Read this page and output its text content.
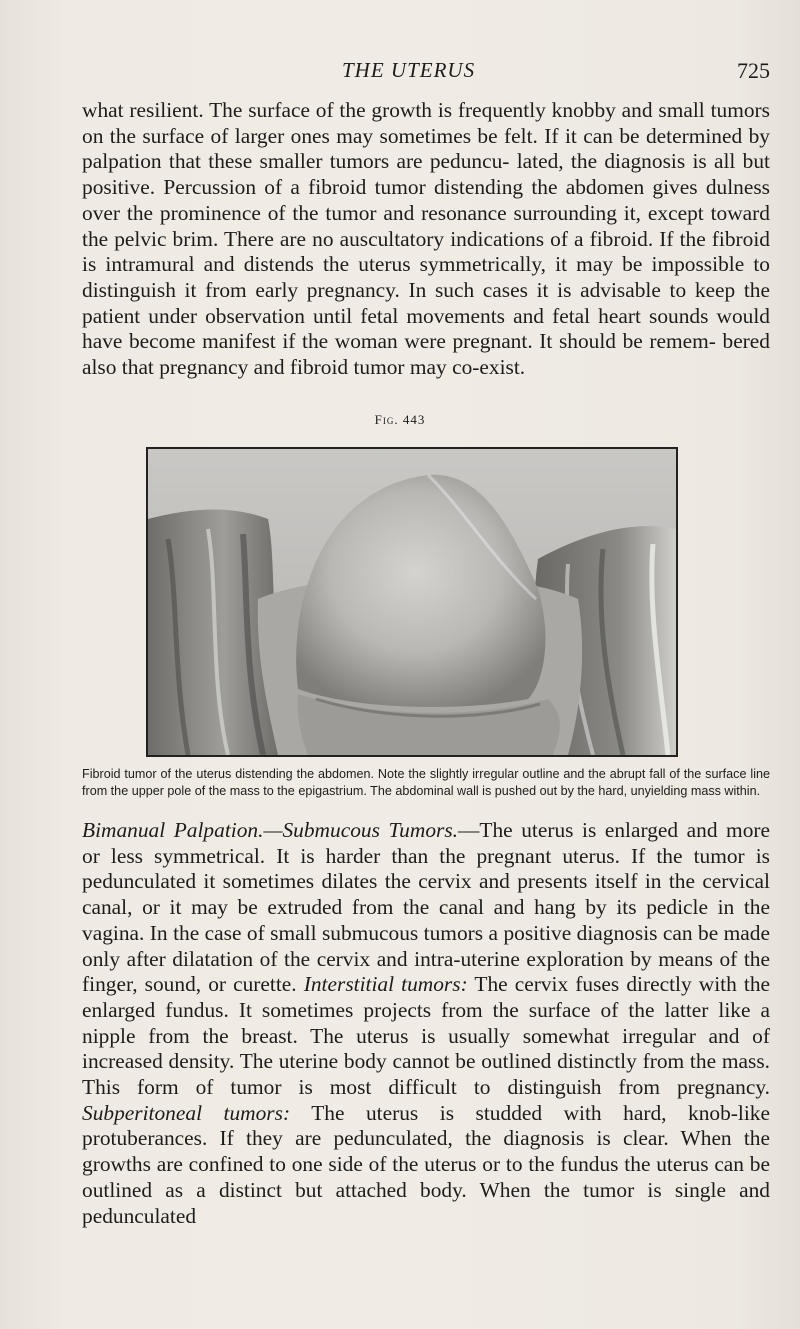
THE UTERUS	725

what resilient. The surface of the growth is frequently knobby and small tumors on the surface of larger ones may sometimes be felt. If it can be determined by palpation that these smaller tumors are peduncu- lated, the diagnosis is all but positive. Percussion of a fibroid tumor distending the abdomen gives dulness over the prominence of the tumor and resonance surrounding it, except toward the pelvic brim. There are no auscultatory indications of a fibroid. If the fibroid is intramural and distends the uterus symmetrically, it may be impossible to distinguish it from early pregnancy. In such cases it is advisable to keep the patient under observation until fetal movements and fetal heart sounds would have become manifest if the woman were pregnant. It should be remem- bered also that pregnancy and fibroid tumor may co-exist.

Fig. 443

Fibroid tumor of the uterus distending the abdomen. Note the slightly irregular outline and the abrupt fall of the surface line from the upper pole of the mass to the epigastrium. The abdominal wall is pushed out by the hard, unyielding mass within.

Bimanual Palpation.—Submucous Tumors.—The uterus is enlarged and more or less symmetrical. It is harder than the pregnant uterus. If the tumor is pedunculated it sometimes dilates the cervix and presents itself in the cervical canal, or it may be extruded from the canal and hang by its pedicle in the vagina. In the case of small submucous tumors a positive diagnosis can be made only after dilatation of the cervix and intra-uterine exploration by means of the finger, sound, or curette. Interstitial tumors: The cervix fuses directly with the enlarged fundus. It sometimes projects from the surface of the latter like a nipple from the breast. The uterus is usually somewhat irregular and of increased density. The uterine body cannot be outlined distinctly from the mass. This form of tumor is most difficult to distinguish from pregnancy. Subperitoneal tumors: The uterus is studded with hard, knob-like protuberances. If they are pedunculated, the diagnosis is clear. When the growths are confined to one side of the uterus or to the fundus the uterus can be outlined as a distinct but attached body. When the tumor is single and pedunculated
